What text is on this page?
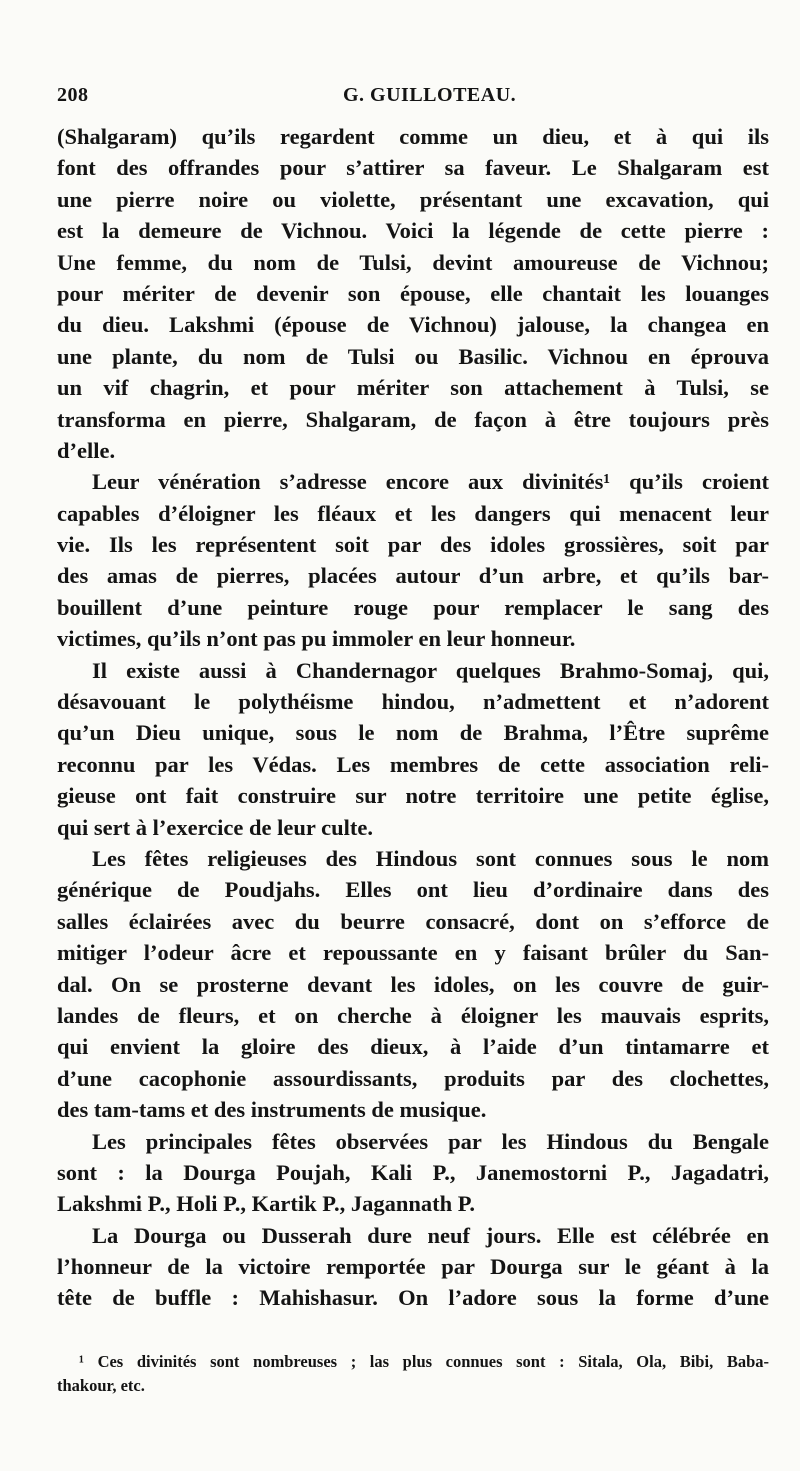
208	G. GUILLOTEAU.
(Shalgaram) qu’ils regardent comme un dieu, et à qui ils
font des offrandes pour s’attirer sa faveur. Le Shalgaram est
une pierre noire ou violette, présentant une excavation, qui
est la demeure de Vichnou. Voici la légende de cette pierre :
Une femme, du nom de Tulsi, devint amoureuse de Vichnou;
pour mériter de devenir son épouse, elle chantait les louanges
du dieu. Lakshmi (épouse de Vichnou) jalouse, la changea en
une plante, du nom de Tulsi ou Basilic. Vichnou en éprouva
un vif chagrin, et pour mériter son attachement à Tulsi, se
transforma en pierre, Shalgaram, de façon à être toujours près
d’elle.
Leur vénération s’adresse encore aux divinités¹ qu’ils croient
capables d’éloigner les fléaux et les dangers qui menacent leur
vie. Ils les représentent soit par des idoles grossières, soit par
des amas de pierres, placées autour d’un arbre, et qu’ils bar-
bouillent d’une peinture rouge pour remplacer le sang des
victimes, qu’ils n’ont pas pu immoler en leur honneur.
Il existe aussi à Chandernagor quelques Brahmo-Somaj, qui,
désavouant le polythéisme hindou, n’admettent et n’adorent
qu’un Dieu unique, sous le nom de Brahma, l’Être suprême
reconnu par les Védas. Les membres de cette association reli-
gieuse ont fait construire sur notre territoire une petite église,
qui sert à l’exercice de leur culte.
Les fêtes religieuses des Hindous sont connues sous le nom
générique de Poudjahs. Elles ont lieu d’ordinaire dans des
salles éclairées avec du beurre consacré, dont on s’efforce de
mitiger l’odeur âcre et repoussante en y faisant brûler du San-
dal. On se prosterne devant les idoles, on les couvre de guir-
landes de fleurs, et on cherche à éloigner les mauvais esprits,
qui envient la gloire des dieux, à l’aide d’un tintamarre et
d’une cacophonie assourdissants, produits par des clochettes,
des tam-tams et des instruments de musique.
Les principales fêtes observées par les Hindous du Bengale
sont : la Dourga Poujah, Kali P., Janemostorni P., Jagadatri,
Lakshmi P., Holi P., Kartik P., Jagannath P.
La Dourga ou Dusserah dure neuf jours. Elle est célébrée en
l’honneur de la victoire remportée par Dourga sur le géant à la
tête de buffle : Mahishasur. On l’adore sous la forme d’une
¹ Ces divinités sont nombreuses ; las plus connues sont : Sitala, Ola, Bibi, Baba-
thakour, etc.
